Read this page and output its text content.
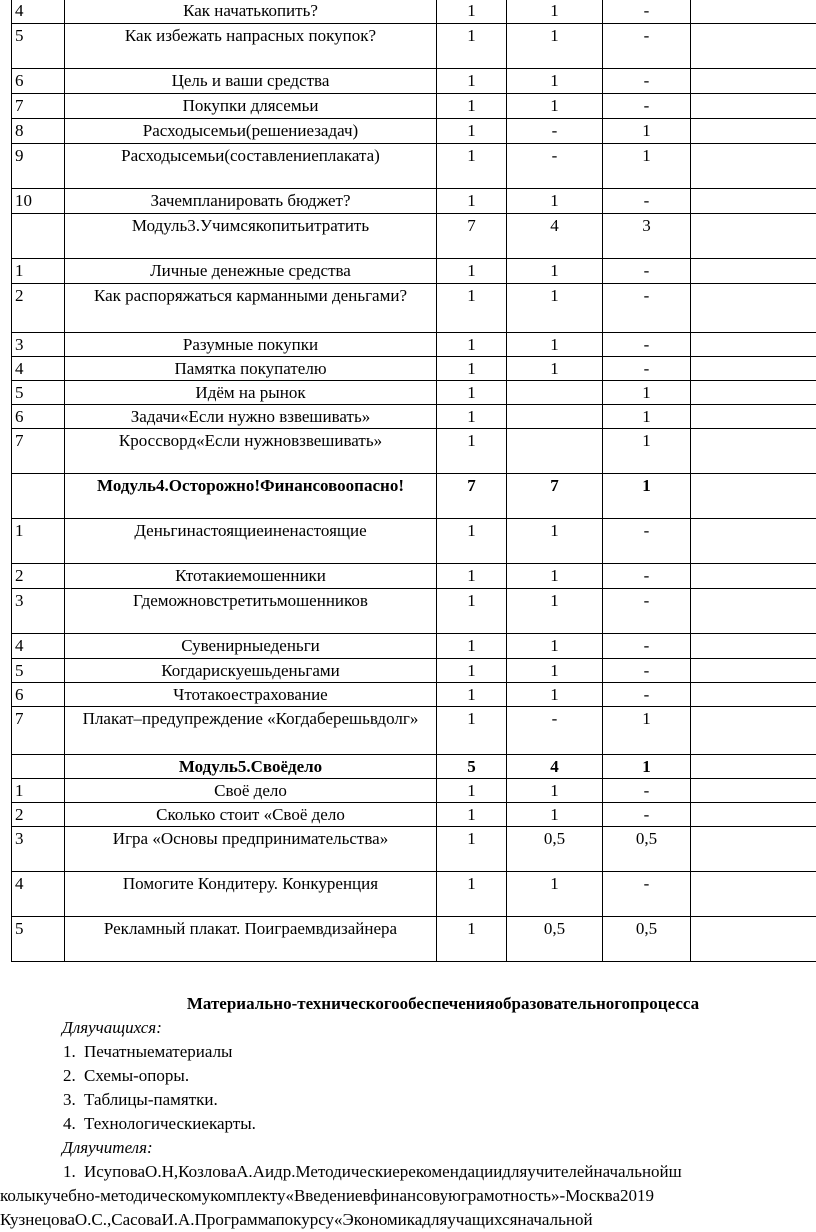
4	Как начатькопить?	1	1	-	
5	Как избежать напрасных покупок?	1	1	-	
6	Цель и ваши средства	1	1	-	
7	Покупки длясемьи	1	1	-	
8	Расходысемьи(решениезадач)	1	-	1	
9	Расходысемьи(составлениеплаката)	1	-	1	
10	Зачемпланировать бюджет?	1	1	-	
	Модуль3.Учимсякопитьитратить	7	4	3	
1	Личные денежные средства	1	1	-	
2	Как распоряжаться карманными деньгами?	1	1	-	
3	Разумные покупки	1	1	-	
4	Памятка покупателю	1	1	-	
5	Идём на рынок	1		1	
6	Задачи«Если нужно взвешивать»	1		1	
7	Кроссворд«Если нужновзвешивать»	1		1	
	Модуль4.Осторожно!Финансовоопасно!	7	7	1	
1	Деньгинастоящиеиненастоящие	1	1	-	
2	Ктотакиемошенники	1	1	-	
3	Гдеможновстретитьмошенников	1	1	-	
4	Сувенирныеденьги	1	1	-	
5	Когдарискуешьденьгами	1	1	-	
6	Чтотакоестрахование	1	1	-	
7	Плакат–предупреждение «Когдаберешьвдолг»	1	-	1	
	Модуль5.Своёдело	5	4	1	
1	Своё дело	1	1	-	
2	Сколько стоит «Своё дело	1	1	-	
3	Игра «Основы предпринимательства»	1	0,5	0,5	
4	Помогите Кондитеру. Конкуренция	1	1	-	
5	Рекламный плакат. Поиграемвдизайнера	1	0,5	0,5	
Материально-техническогообеспеченияобразовательногопроцесса

Дляучащихся:

1. Печатныематериалы
2. Схемы-опоры.
3. Таблицы-памятки.
4. Технологическиекарты.

Дляучителя:

1. ИсуповаО.Н,КозловаА.Аидр.Методическиерекомендациидляучителейначальнойш

колыкучебно-методическомукомплекту«Введениевфинансовуюграмотность»-Москва2019

КузнецоваО.С.,СасоваИ.А.Программапокурсу«Экономикадляучащихсяначальной
